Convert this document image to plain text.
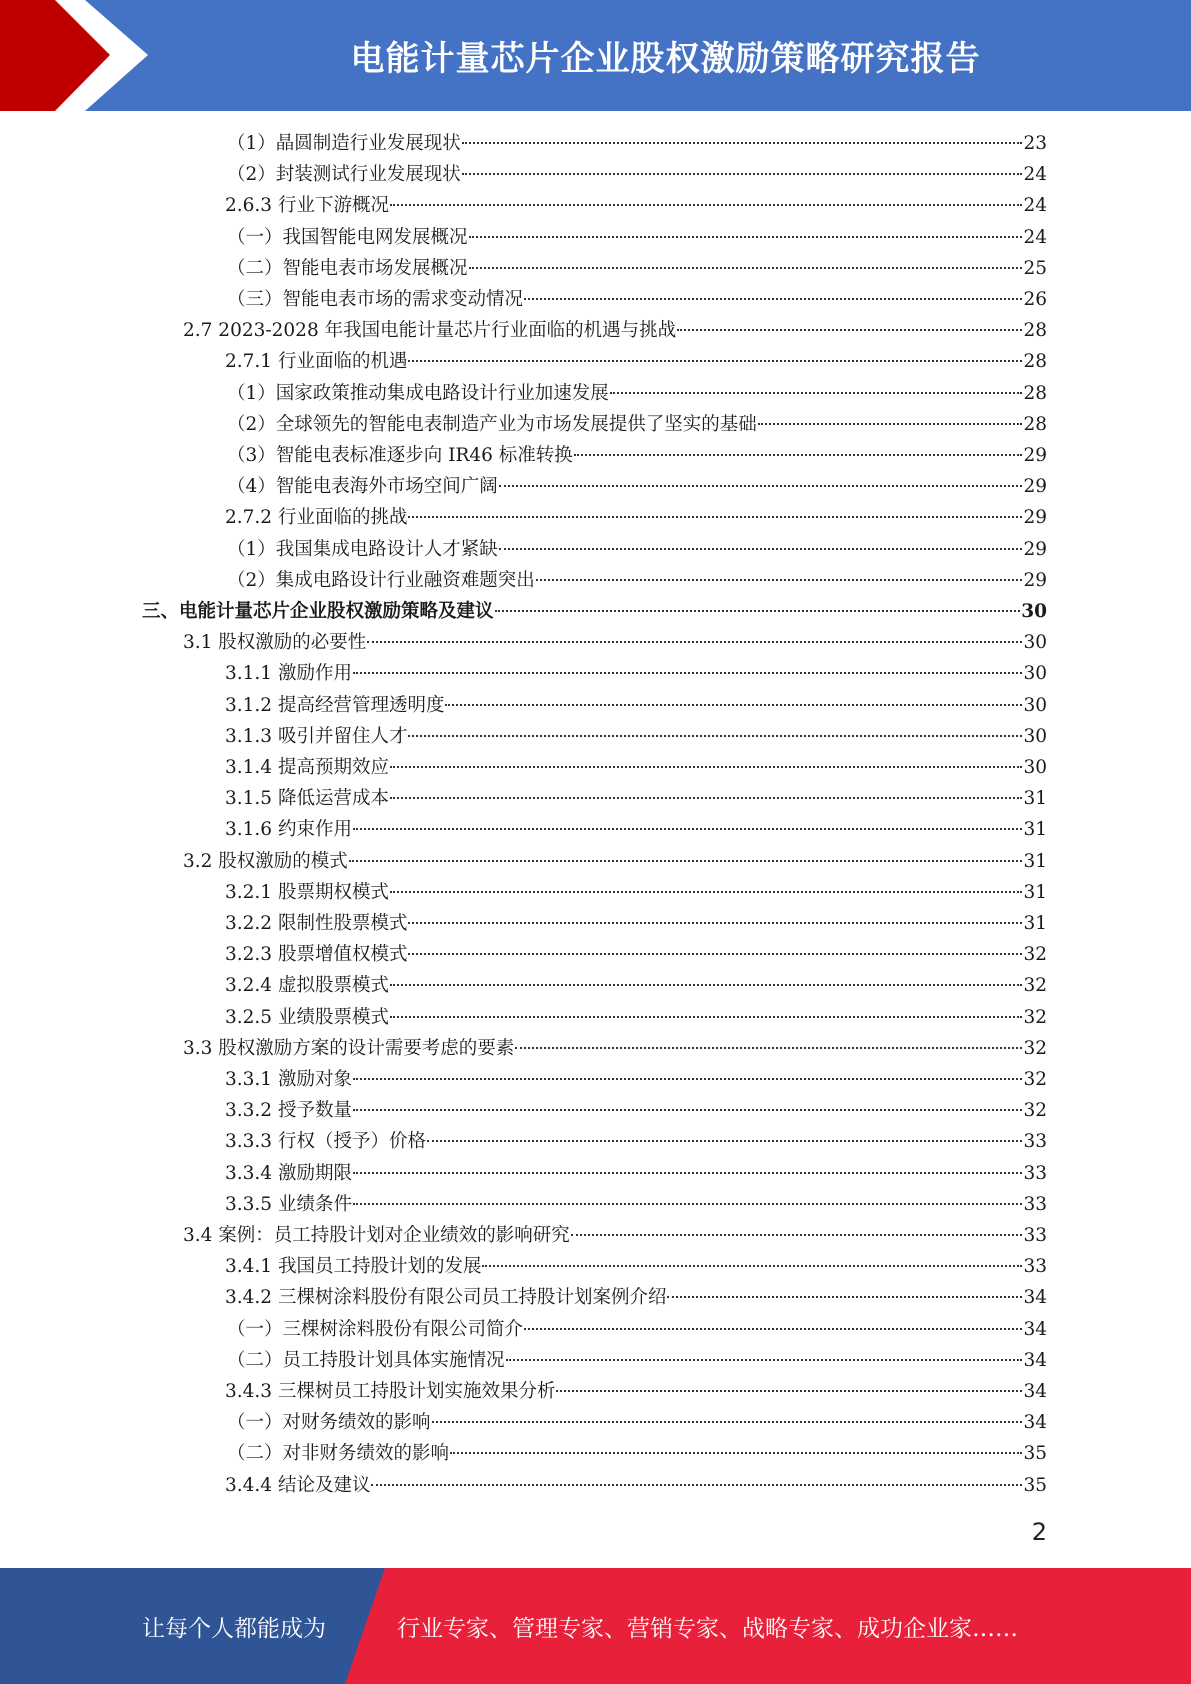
电能计量芯片企业股权激励策略研究报告
（1）晶圆制造行业发展现状	23
（2）封装测试行业发展现状	24
2.6.3 行业下游概况	24
（一）我国智能电网发展概况	24
（二）智能电表市场发展概况	25
（三）智能电表市场的需求变动情况	26
2.7 2023-2028 年我国电能计量芯片行业面临的机遇与挑战	28
2.7.1 行业面临的机遇	28
（1）国家政策推动集成电路设计行业加速发展	28
（2）全球领先的智能电表制造产业为市场发展提供了坚实的基础	28
（3）智能电表标准逐步向 IR46 标准转换	29
（4）智能电表海外市场空间广阔	29
2.7.2 行业面临的挑战	29
（1）我国集成电路设计人才紧缺	29
（2）集成电路设计行业融资难题突出	29
三、电能计量芯片企业股权激励策略及建议	30
3.1 股权激励的必要性	30
3.1.1 激励作用	30
3.1.2 提高经营管理透明度	30
3.1.3 吸引并留住人才	30
3.1.4 提高预期效应	30
3.1.5 降低运营成本	31
3.1.6 约束作用	31
3.2 股权激励的模式	31
3.2.1 股票期权模式	31
3.2.2 限制性股票模式	31
3.2.3 股票增值权模式	32
3.2.4 虚拟股票模式	32
3.2.5 业绩股票模式	32
3.3 股权激励方案的设计需要考虑的要素	32
3.3.1 激励对象	32
3.3.2 授予数量	32
3.3.3 行权（授予）价格	33
3.3.4 激励期限	33
3.3.5 业绩条件	33
3.4 案例：员工持股计划对企业绩效的影响研究	33
3.4.1 我国员工持股计划的发展	33
3.4.2 三棵树涂料股份有限公司员工持股计划案例介绍	34
（一）三棵树涂料股份有限公司简介	34
（二）员工持股计划具体实施情况	34
3.4.3 三棵树员工持股计划实施效果分析	34
（一）对财务绩效的影响	34
（二）对非财务绩效的影响	35
3.4.4 结论及建议	35
2
让每个人都能成为	行业专家、管理专家、营销专家、战略专家、成功企业家……
